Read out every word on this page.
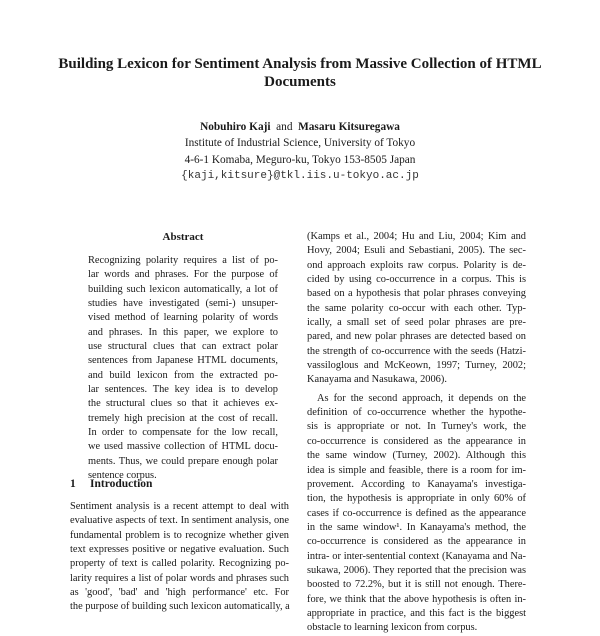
Building Lexicon for Sentiment Analysis from Massive Collection of HTML
Documents
Nobuhiro Kaji and Masaru Kitsuregawa
Institute of Industrial Science, University of Tokyo
4-6-1 Komaba, Meguro-ku, Tokyo 153-8505 Japan
{kaji,kitsure}@tkl.iis.u-tokyo.ac.jp
Abstract
Recognizing polarity requires a list of po-
lar words and phrases. For the purpose of
building such lexicon automatically, a lot of
studies have investigated (semi-) unsuper-
vised method of learning polarity of words
and phrases. In this paper, we explore to
use structural clues that can extract polar
sentences from Japanese HTML documents,
and build lexicon from the extracted po-
lar sentences. The key idea is to develop
the structural clues so that it achieves ex-
tremely high precision at the cost of recall.
In order to compensate for the low recall,
we used massive collection of HTML docu-
ments. Thus, we could prepare enough polar
sentence corpus.
1 Introduction
Sentiment analysis is a recent attempt to deal with
evaluative aspects of text. In sentiment analysis, one
fundamental problem is to recognize whether given
text expresses positive or negative evaluation. Such
property of text is called polarity. Recognizing po-
larity requires a list of polar words and phrases such
as 'good', 'bad' and 'high performance' etc. For
the purpose of building such lexicon automatically, a
(Kamps et al., 2004; Hu and Liu, 2004; Kim and
Hovy, 2004; Esuli and Sebastiani, 2005). The sec-
ond approach exploits raw corpus. Polarity is de-
cided by using co-occurrence in a corpus. This is
based on a hypothesis that polar phrases conveying
the same polarity co-occur with each other. Typ-
ically, a small set of seed polar phrases are pre-
pared, and new polar phrases are detected based on
the strength of co-occurrence with the seeds (Hatzi-
vassiloglous and McKeown, 1997; Turney, 2002;
Kanayama and Nasukawa, 2006).
As for the second approach, it depends on the
definition of co-occurrence whether the hypothe-
sis is appropriate or not. In Turney's work, the
co-occurrence is considered as the appearance in
the same window (Turney, 2002). Although this
idea is simple and feasible, there is a room for im-
provement. According to Kanayama's investiga-
tion, the hypothesis is appropriate in only 60% of
cases if co-occurrence is defined as the appearance
in the same window¹. In Kanayama's method, the
co-occurrence is considered as the appearance in
intra- or inter-sentential context (Kanayama and Na-
sukawa, 2006). They reported that the precision was
boosted to 72.2%, but it is still not enough. There-
fore, we think that the above hypothesis is often in-
appropriate in practice, and this fact is the biggest
obstacle to learning lexicon from corpus.
